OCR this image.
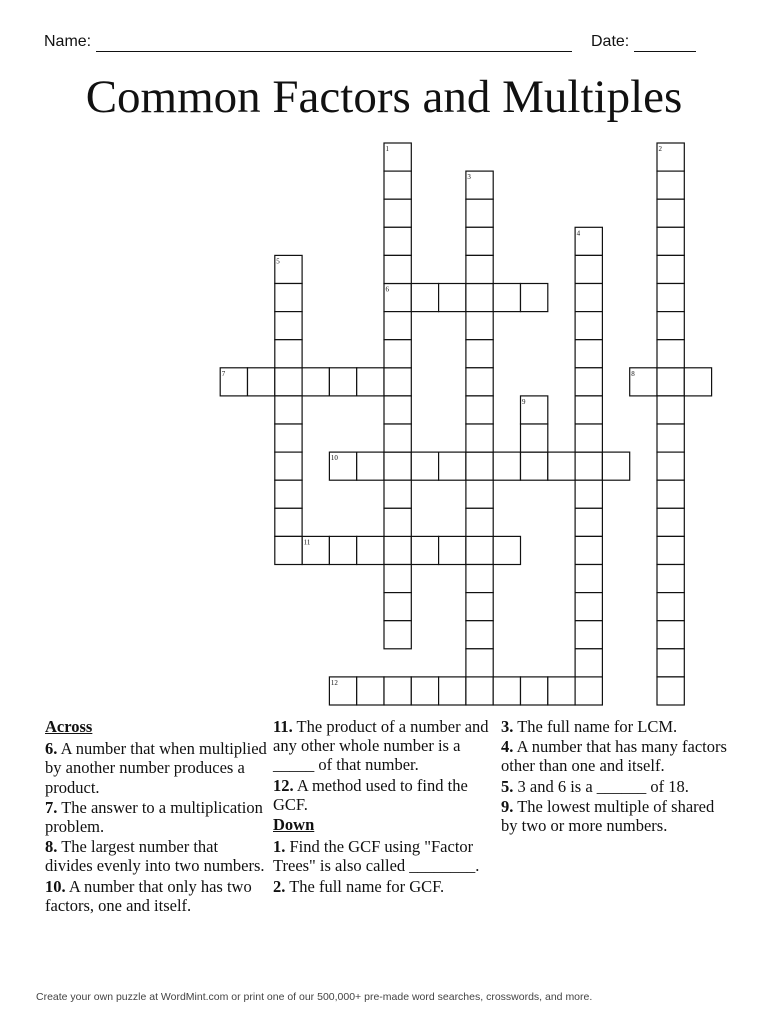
Name:	Date:
Common Factors and Multiples
6
7	8
10
11
12
1	2
3
4
5
9
Across
6. A number that when multiplied by another number produces a product.
7. The answer to a multiplication problem.
8. The largest number that divides evenly into two numbers.
10. A number that only has two factors, one and itself.
11. The product of a number and any other whole number is a _____ of that number.
12. A method used to find the GCF.
Down
1. Find the GCF using "Factor Trees" is also called ________.
2. The full name for GCF.
3. The full name for LCM.
4. A number that has many factors other than one and itself.
5. 3 and 6 is a ______ of 18.
9. The lowest multiple of shared by two or more numbers.
Create your own puzzle at WordMint.com or print one of our 500,000+ pre-made word searches, crosswords, and more.
